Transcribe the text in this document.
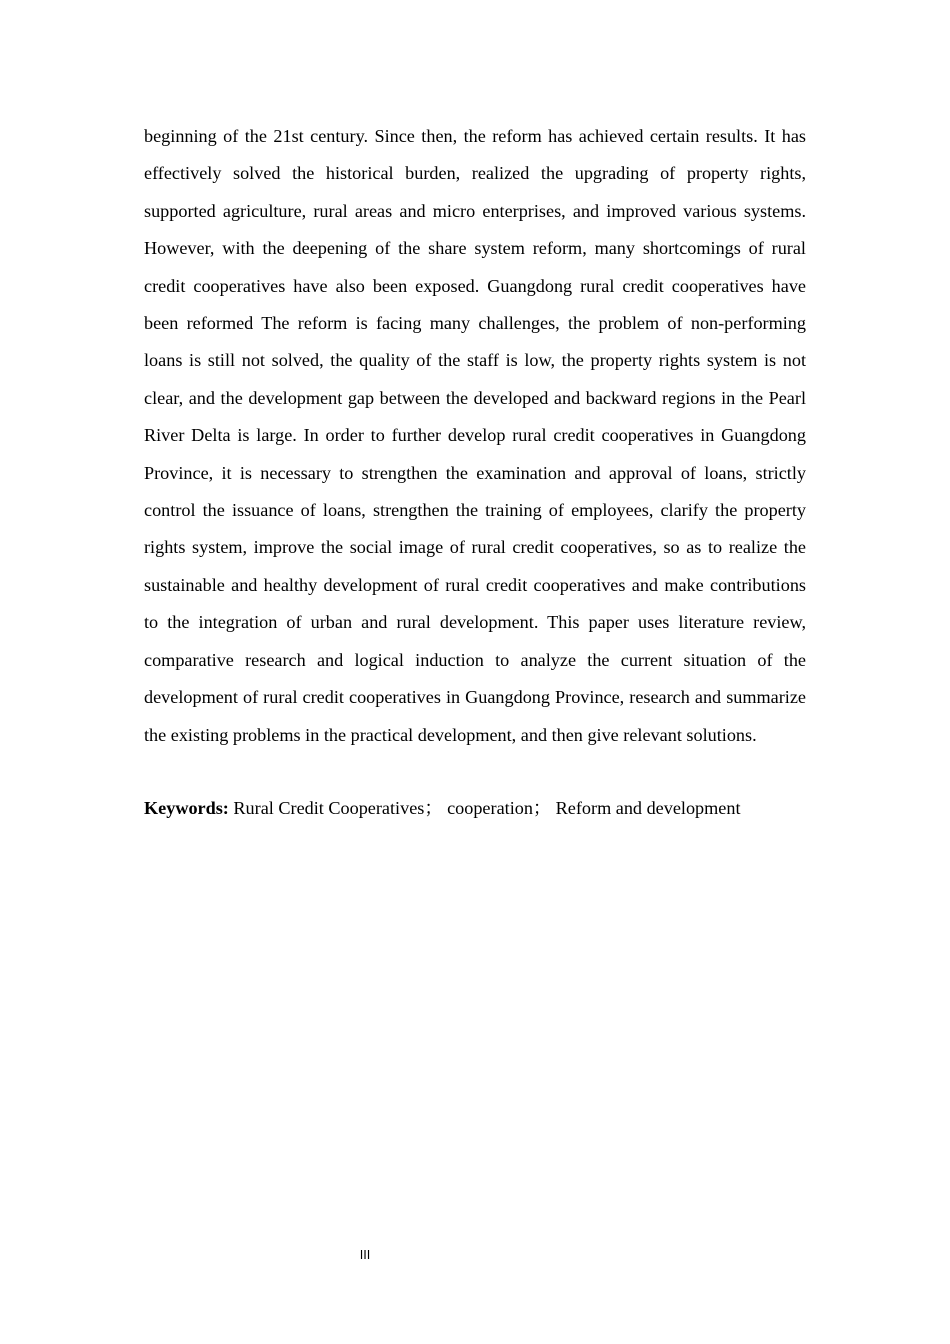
beginning of the 21st century. Since then, the reform has achieved certain results. It has effectively solved the historical burden, realized the upgrading of property rights, supported agriculture, rural areas and micro enterprises, and improved various systems. However, with the deepening of the share system reform, many shortcomings of rural credit cooperatives have also been exposed. Guangdong rural credit cooperatives have been reformed The reform is facing many challenges, the problem of non-performing loans is still not solved, the quality of the staff is low, the property rights system is not clear, and the development gap between the developed and backward regions in the Pearl River Delta is large. In order to further develop rural credit cooperatives in Guangdong Province, it is necessary to strengthen the examination and approval of loans, strictly control the issuance of loans, strengthen the training of employees, clarify the property rights system, improve the social image of rural credit cooperatives, so as to realize the sustainable and healthy development of rural credit cooperatives and make contributions to the integration of urban and rural development. This paper uses literature review, comparative research and logical induction to analyze the current situation of the development of rural credit cooperatives in Guangdong Province, research and summarize the existing problems in the practical development, and then give relevant solutions.

Keywords: Rural Credit Cooperatives； cooperation； Reform and development

III
